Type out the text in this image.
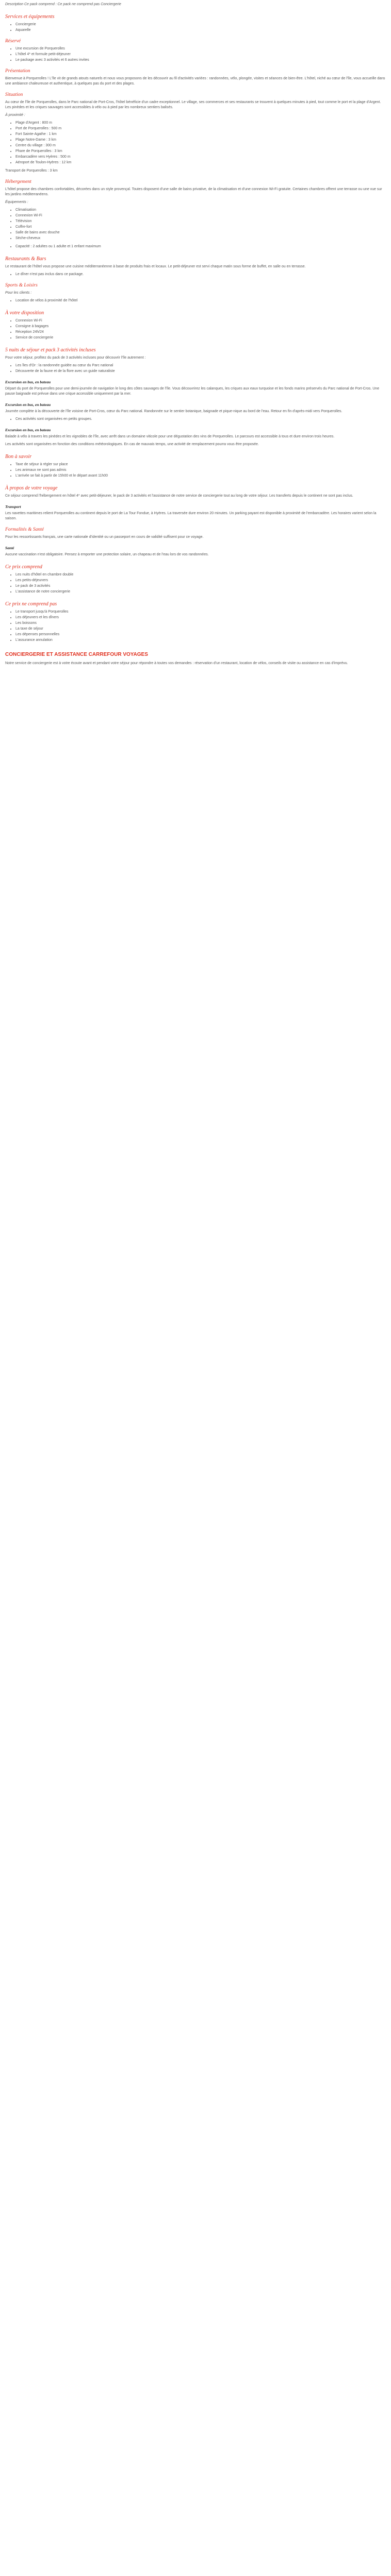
Description Ce pack comprend : Ce pack ne comprend pas Conciergerie

Services et équipements
• Conciergerie
• Aquarelle
Réservé
• Une excursion de Porquerolles
• L'hôtel 4* et formule petit-déjeuner
• Le package avec 3 activités et 6 autres invites
Présentation

Bienvenue à Porquerolles ! L'île vit de grands atouts naturels et nous vous proposons de les découvrir au fil d'activités variées : randonnées, vélo, plongée, visites et séances de bien-être. L'hôtel, niché au cœur de l'île, vous accueille dans une ambiance chaleureuse et authentique, à quelques pas du port et des plages.

Situation

Au cœur de l'île de Porquerolles, dans le Parc national de Port-Cros, l'hôtel bénéficie d'un cadre exceptionnel. Le village, ses commerces et ses restaurants se trouvent à quelques minutes à pied, tout comme le port et la plage d'Argent. Les pinèdes et les criques sauvages sont accessibles à vélo ou à pied par les nombreux sentiers balisés.

À proximité :

• Plage d'Argent : 800 m
• Port de Porquerolles : 500 m
• Fort Sainte-Agathe : 1 km
• Plage Notre-Dame : 3 km
• Centre du village : 300 m
• Phare de Porquerolles : 3 km
• Embarcadère vers Hyères : 500 m
• Aéroport de Toulon-Hyères : 12 km

Transport de Porquerolles : 3 km

Hébergement

L'hôtel propose des chambres confortables, décorées dans un style provençal. Toutes disposent d'une salle de bains privative, de la climatisation et d'une connexion Wi-Fi gratuite. Certaines chambres offrent une terrasse ou une vue sur les jardins méditerranéens.

Équipements :

• Climatisation
• Connexion Wi-Fi
• Télévision
• Coffre-fort
• Salle de bains avec douche
• Sèche-cheveux
• Capacité : 2 adultes ou 1 adulte et 1 enfant maximum
Restaurants & Bars

Le restaurant de l'hôtel vous propose une cuisine méditerranéenne à base de produits frais et locaux. Le petit-déjeuner est servi chaque matin sous forme de buffet, en salle ou en terrasse.

• Le dîner n'est pas inclus dans ce package.
Sports & Loisirs

Pour les clients :

• Location de vélos à proximité de l'hôtel
À votre disposition
• Connexion Wi-Fi
• Consigne à bagages
• Réception 24h/24
• Service de conciergerie
5 nuits de séjour et pack 3 activités incluses

Pour votre séjour, profitez du pack de 3 activités incluses pour découvrir l'île autrement :

• Les îles d'Or : la randonnée guidée au cœur du Parc national
• Découverte de la faune et de la flore avec un guide naturaliste
Excursion en bus, en bateau

Départ du port de Porquerolles pour une demi-journée de navigation le long des côtes sauvages de l'île. Vous découvrirez les calanques, les criques aux eaux turquoise et les fonds marins préservés du Parc national de Port-Cros. Une pause baignade est prévue dans une crique accessible uniquement par la mer.

Excursion en bus, en bateau

Journée complète à la découverte de l'île voisine de Port-Cros, cœur du Parc national. Randonnée sur le sentier botanique, baignade et pique-nique au bord de l'eau. Retour en fin d'après-midi vers Porquerolles.

• Ces activités sont organisées en petits groupes.
Excursion en bus, en bateau

Balade à vélo à travers les pinèdes et les vignobles de l'île, avec arrêt dans un domaine viticole pour une dégustation des vins de Porquerolles. Le parcours est accessible à tous et dure environ trois heures.

Les activités sont organisées en fonction des conditions météorologiques. En cas de mauvais temps, une activité de remplacement pourra vous être proposée.

Bon à savoir
• Taxe de séjour à régler sur place
• Les animaux ne sont pas admis
• L'arrivée se fait à partir de 15h00 et le départ avant 11h00
À propos de votre voyage

Ce séjour comprend l'hébergement en hôtel 4* avec petit-déjeuner, le pack de 3 activités et l'assistance de notre service de conciergerie tout au long de votre séjour. Les transferts depuis le continent ne sont pas inclus.

Transport

Les navettes maritimes relient Porquerolles au continent depuis le port de La Tour Fondue, à Hyères. La traversée dure environ 20 minutes. Un parking payant est disponible à proximité de l'embarcadère. Les horaires varient selon la saison.

Formalités & Santé

Pour les ressortissants français, une carte nationale d'identité ou un passeport en cours de validité suffisent pour ce voyage.

Santé

Aucune vaccination n'est obligatoire. Pensez à emporter une protection solaire, un chapeau et de l'eau lors de vos randonnées.

Ce prix comprend
• Les nuits d'hôtel en chambre double
• Les petits-déjeuners
• Le pack de 3 activités
• L'assistance de notre conciergerie
Ce prix ne comprend pas
• Le transport jusqu'à Porquerolles
• Les déjeuners et les dîners
• Les boissons
• La taxe de séjour
• Les dépenses personnelles
• L'assurance annulation

CONCIERGERIE ET ASSISTANCE CARREFOUR VOYAGES

Notre service de conciergerie est à votre écoute avant et pendant votre séjour pour répondre à toutes vos demandes : réservation d'un restaurant, location de vélos, conseils de visite ou assistance en cas d'imprévu.
